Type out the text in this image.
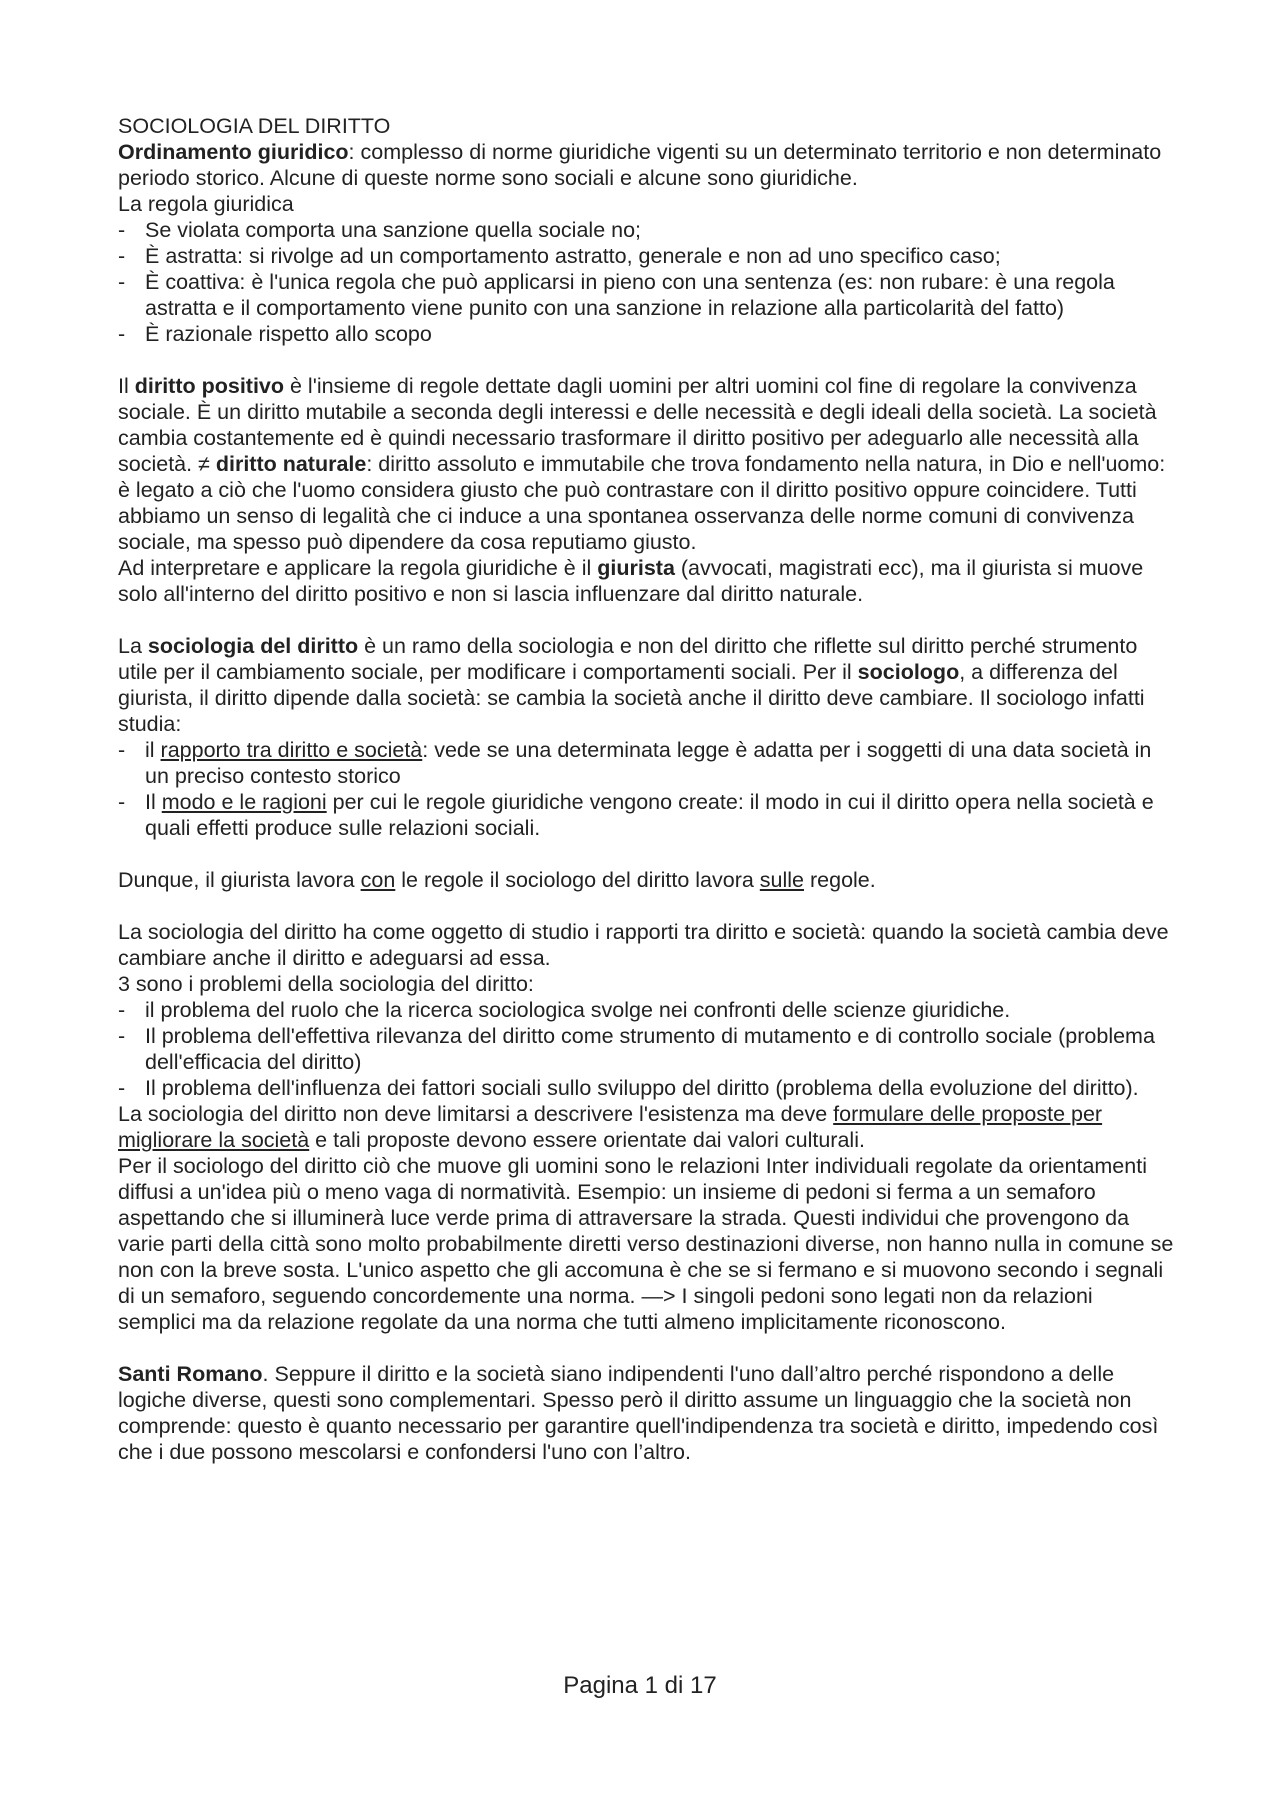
SOCIOLOGIA DEL DIRITTO

Ordinamento giuridico: complesso di norme giuridiche vigenti su un determinato territorio e non determinato periodo storico. Alcune di queste norme sono sociali e alcune sono giuridiche.

La regola giuridica

- Se violata comporta una sanzione quella sociale no;
- È astratta: si rivolge ad un comportamento astratto, generale e non ad uno specifico caso;
- È coattiva: è l'unica regola che può applicarsi in pieno con una sentenza (es: non rubare: è una regola astratta e il comportamento viene punito con una sanzione in relazione alla particolarità del fatto)
- È razionale rispetto allo scopo

Il diritto positivo è l'insieme di regole dettate dagli uomini per altri uomini col fine di regolare la convivenza sociale. È un diritto mutabile a seconda degli interessi e delle necessità e degli ideali della società. La società cambia costantemente ed è quindi necessario trasformare il diritto positivo per adeguarlo alle necessità alla società. ≠ diritto naturale: diritto assoluto e immutabile che trova fondamento nella natura, in Dio e nell'uomo: è legato a ciò che l'uomo considera giusto che può contrastare con il diritto positivo oppure coincidere. Tutti abbiamo un senso di legalità che ci induce a una spontanea osservanza delle norme comuni di convivenza sociale, ma spesso può dipendere da cosa reputiamo giusto.

Ad interpretare e applicare la regola giuridiche è il giurista (avvocati, magistrati ecc), ma il giurista si muove solo all'interno del diritto positivo e non si lascia influenzare dal diritto naturale.

La sociologia del diritto è un ramo della sociologia e non del diritto che riflette sul diritto perché strumento utile per il cambiamento sociale, per modificare i comportamenti sociali. Per il sociologo, a differenza del giurista, il diritto dipende dalla società: se cambia la società anche il diritto deve cambiare. Il sociologo infatti studia:

- il rapporto tra diritto e società: vede se una determinata legge è adatta per i soggetti di una data società in un preciso contesto storico
- Il modo e le ragioni per cui le regole giuridiche vengono create: il modo in cui il diritto opera nella società e quali effetti produce sulle relazioni sociali.

Dunque, il giurista lavora con le regole il sociologo del diritto lavora sulle regole.

La sociologia del diritto ha come oggetto di studio i rapporti tra diritto e società: quando la società cambia deve cambiare anche il diritto e adeguarsi ad essa.

3 sono i problemi della sociologia del diritto:

- il problema del ruolo che la ricerca sociologica svolge nei confronti delle scienze giuridiche.
- Il problema dell'effettiva rilevanza del diritto come strumento di mutamento e di controllo sociale (problema dell'efficacia del diritto)
- Il problema dell'influenza dei fattori sociali sullo sviluppo del diritto (problema della evoluzione del diritto).

La sociologia del diritto non deve limitarsi a descrivere l'esistenza ma deve formulare delle proposte per migliorare la società e tali proposte devono essere orientate dai valori culturali.

Per il sociologo del diritto ciò che muove gli uomini sono le relazioni Inter individuali regolate da orientamenti diffusi a un'idea più o meno vaga di normatività. Esempio: un insieme di pedoni si ferma a un semaforo aspettando che si illuminerà luce verde prima di attraversare la strada. Questi individui che provengono da varie parti della città sono molto probabilmente diretti verso destinazioni diverse, non hanno nulla in comune se non con la breve sosta. L'unico aspetto che gli accomuna è che se si fermano e si muovono secondo i segnali di un semaforo, seguendo concordemente una norma. —> I singoli pedoni sono legati non da relazioni semplici ma da relazione regolate da una norma che tutti almeno implicitamente riconoscono.

Santi Romano. Seppure il diritto e la società siano indipendenti l'uno dall’altro perché rispondono a delle logiche diverse, questi sono complementari. Spesso però il diritto assume un linguaggio che la società non comprende: questo è quanto necessario per garantire quell'indipendenza tra società e diritto, impedendo così che i due possono mescolarsi e confondersi l'uno con l’altro.

Pagina 1 di 17
